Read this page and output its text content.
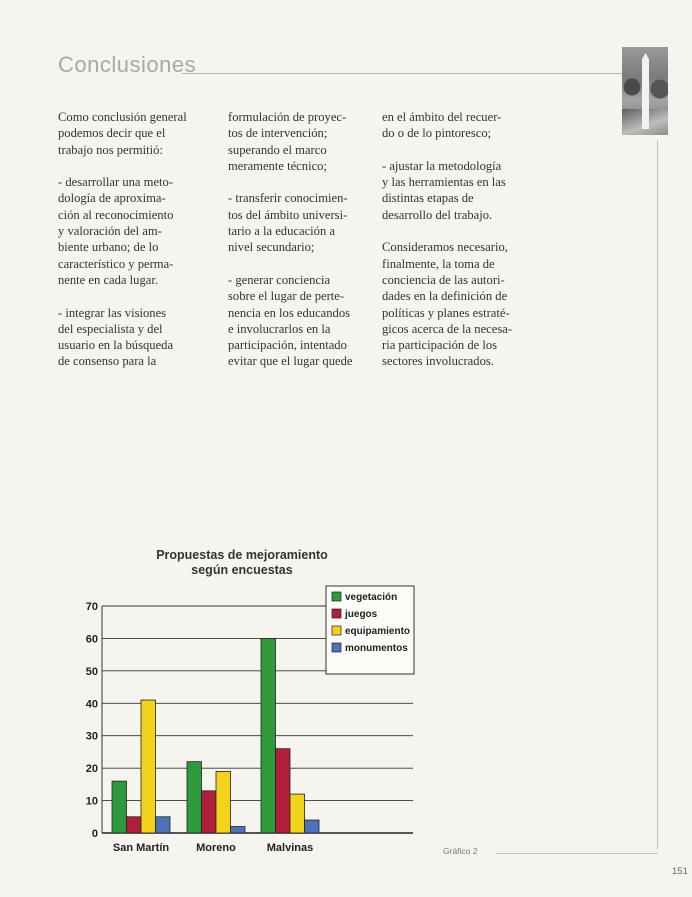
Conclusiones

Como conclusión general
podemos decir que el
trabajo nos permitió:

- desarrollar una meto-
dología de aproxima-
ción al reconocimiento
y valoración del am-
biente urbano; de lo
característico y perma-
nente en cada lugar.

- integrar las visiones
del especialista y del
usuario en la búsqueda
de consenso para la

formulación de proyec-
tos de intervención;
superando el marco
meramente técnico;

- transferir conocimien-
tos del ámbito universi-
tario a la educación a
nivel secundario;

- generar conciencia
sobre el lugar de perte-
nencia en los educandos
e involucrarlos en la
participación, intentado
evitar que el lugar quede

en el ámbito del recuer-
do o de lo pintoresco;

- ajustar la metodología
y las herramientas en las
distintas etapas de
desarrollo del trabajo.

Consideramos necesario,
finalmente, la toma de
conciencia de las autori-
dades en la definición de
políticas y planes estraté-
gicos acerca de la necesa-
ria participación de los
sectores involucrados.

Propuestas de mejoramiento
según encuestas
0
10
20
30
40
50
60
70
San Martín Moreno	Malvinas
vegetación
juegos
equipamiento
monumentos
Gráfico 2
151
